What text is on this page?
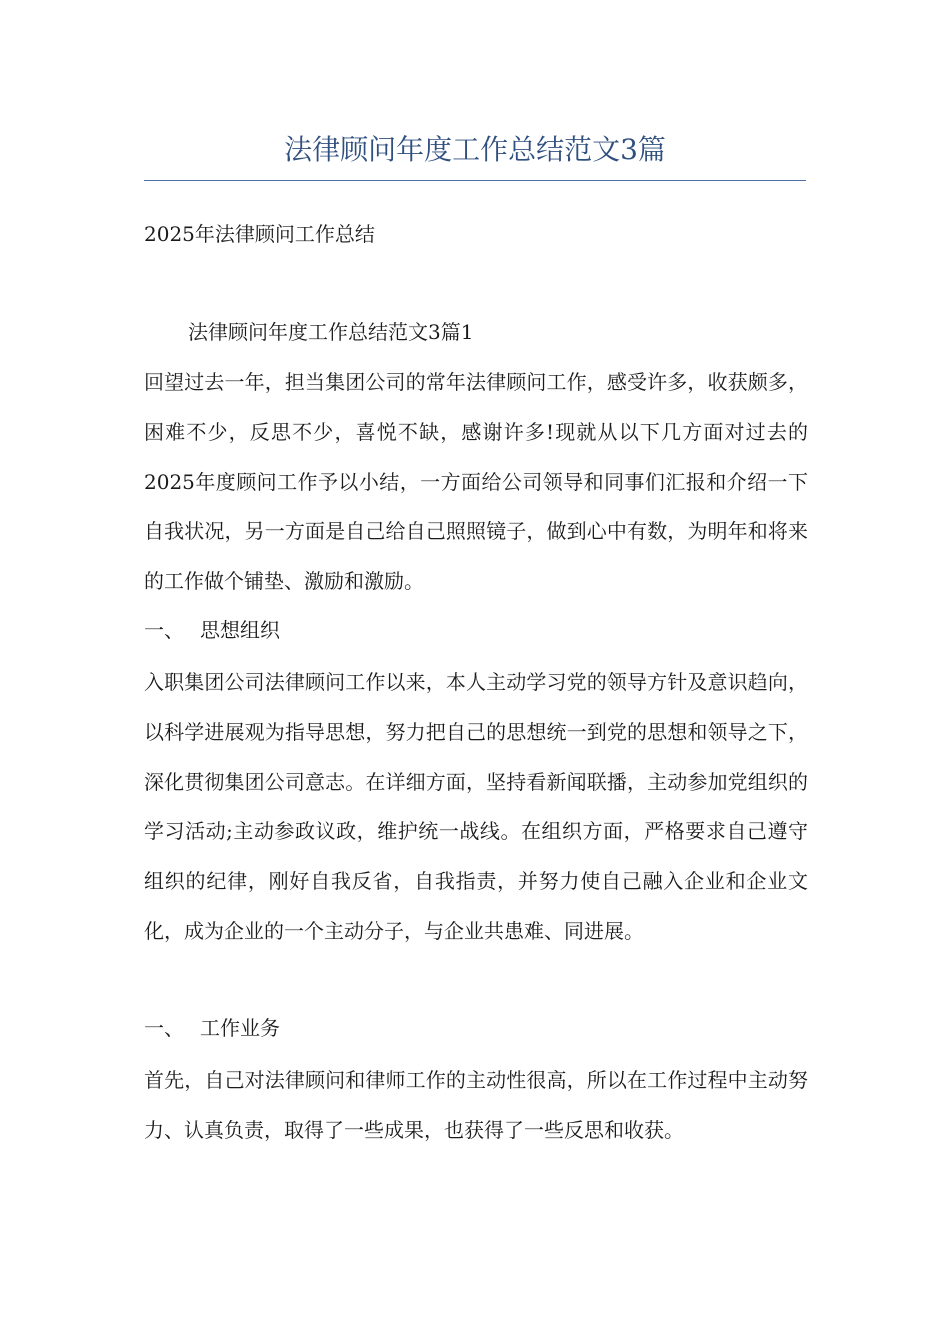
法律顾问年度工作总结范文3篇

2025年法律顾问工作总结

法律顾问年度工作总结范文3篇1

回望过去一年，担当集团公司的常年法律顾问工作，感受许多，收获颇多，困难不少，反思不少，喜悦不缺，感谢许多!现就从以下几方面对过去的2025年度顾问工作予以小结，一方面给公司领导和同事们汇报和介绍一下自我状况，另一方面是自己给自己照照镜子，做到心中有数，为明年和将来的工作做个铺垫、激励和激励。

一、 思想组织

入职集团公司法律顾问工作以来，本人主动学习党的领导方针及意识趋向，以科学进展观为指导思想，努力把自己的思想统一到党的思想和领导之下，深化贯彻集团公司意志。在详细方面，坚持看新闻联播，主动参加党组织的学习活动;主动参政议政，维护统一战线。在组织方面，严格要求自己遵守组织的纪律，刚好自我反省，自我指责，并努力使自己融入企业和企业文化，成为企业的一个主动分子，与企业共患难、同进展。

一、 工作业务

首先，自己对法律顾问和律师工作的主动性很高，所以在工作过程中主动努力、认真负责，取得了一些成果，也获得了一些反思和收获。
